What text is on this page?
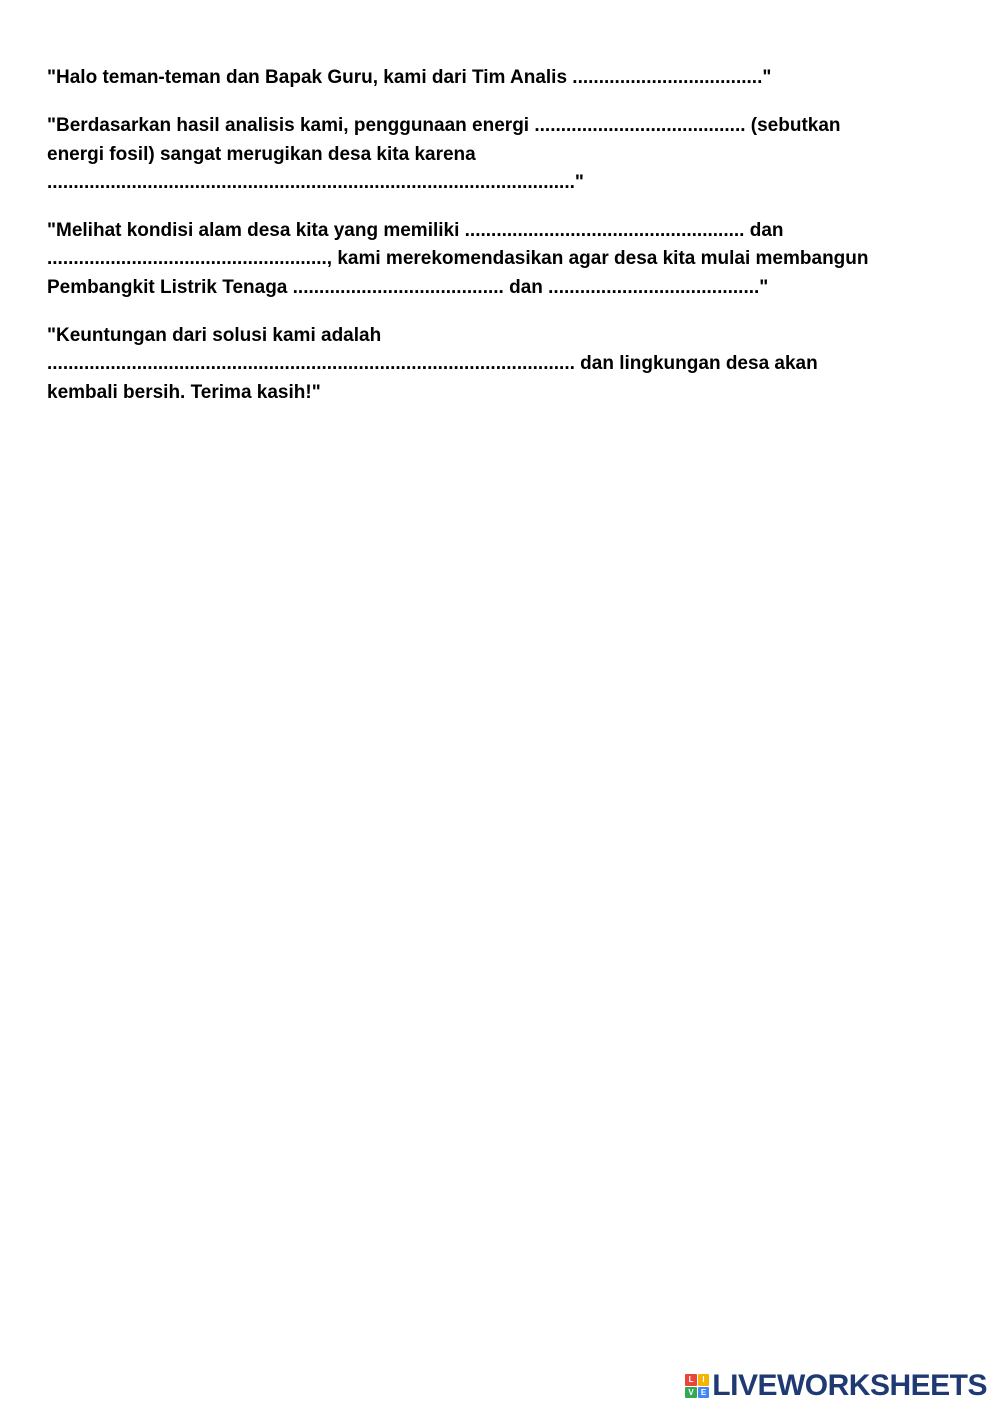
"Halo teman-teman dan Bapak Guru, kami dari Tim Analis ...................................."
"Berdasarkan hasil analisis kami, penggunaan energi ........................................ (sebutkan
energi fosil) sangat merugikan desa kita karena
...................................................................................................."
"Melihat kondisi alam desa kita yang memiliki ..................................................... dan
....................................................., kami merekomendasikan agar desa kita mulai membangun
Pembangkit Listrik Tenaga ........................................ dan ........................................"
"Keuntungan dari solusi kami adalah
.................................................................................................... dan lingkungan desa akan
kembali bersih. Terima kasih!"
L	I
V E LIVEWORKSHEETS
